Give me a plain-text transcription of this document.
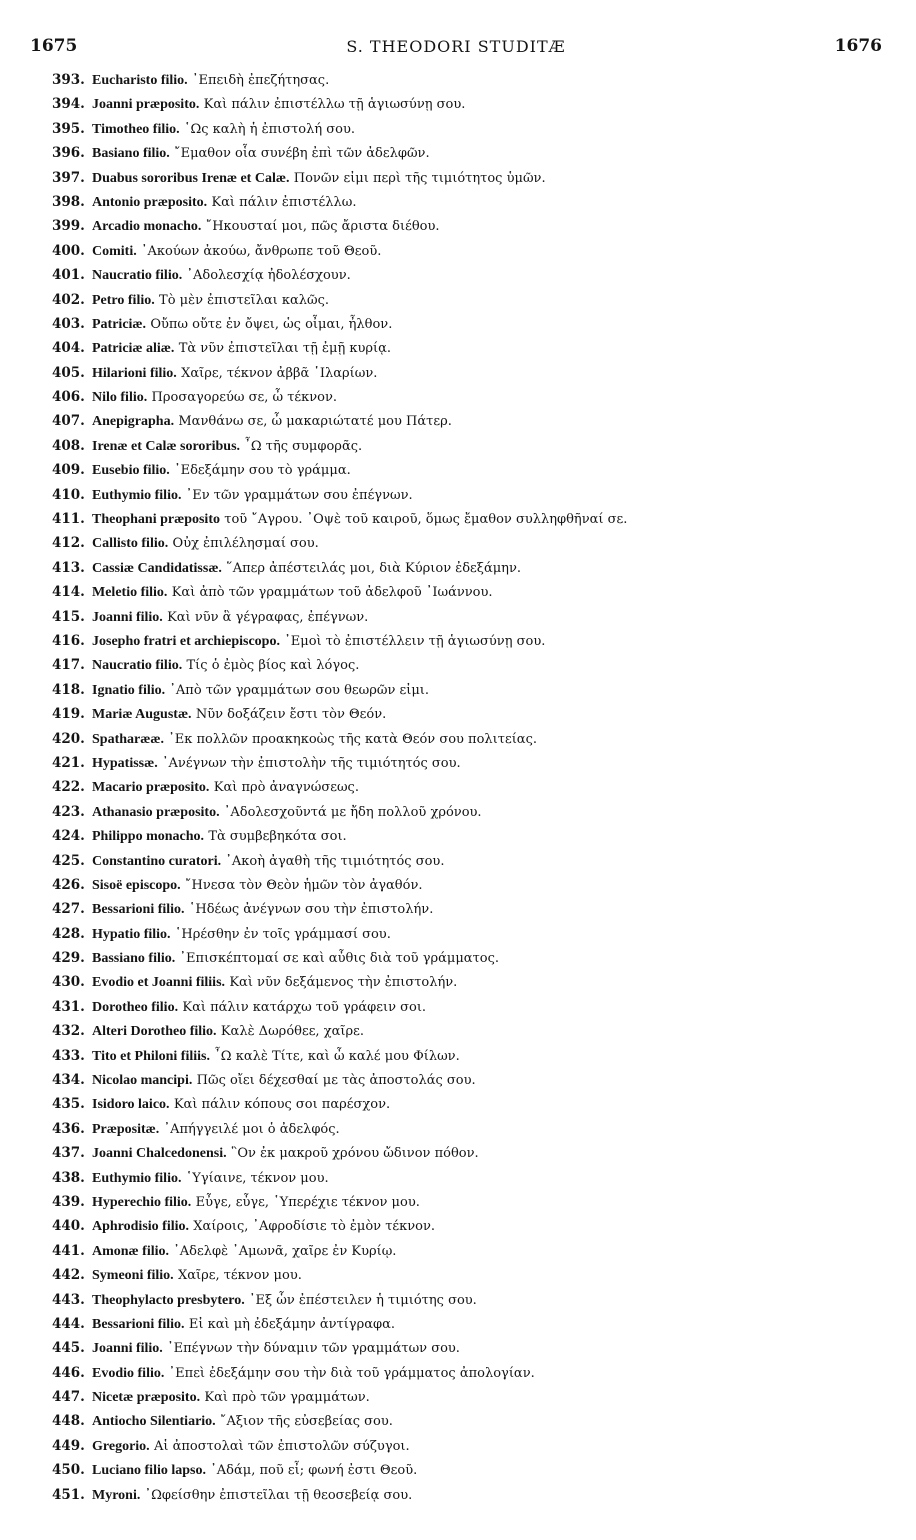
1675	S. THEODORI STUDITÆ	1676
393. Eucharisto filio. ᾿Επειδὴ ἐπεζήτησας.
394. Joanni præposito. Καὶ πάλιν ἐπιστέλλω τῇ ἁγιωσύνῃ σου.
395. Timotheo filio. ῾Ως καλὴ ἡ ἐπιστολή σου.
396. Basiano filio. ῎Εμαθον οἷα συνέβη ἐπὶ τῶν ἀδελφῶν.
397. Duabus sororibus Irenæ et Calæ. Πονῶν εἰμι περὶ τῆς τιμιότητος ὑμῶν.
398. Antonio præposito. Καὶ πάλιν ἐπιστέλλω.
399. Arcadio monacho. ῎Ηκουσταί μοι, πῶς ἄριστα διέθου.
400. Comiti. ᾿Ακούων ἀκούω, ἄνθρωπε τοῦ Θεοῦ.
401. Naucratio filio. ᾿Αδολεσχίᾳ ἠδολέσχουν.
402. Petro filio. Τὸ μὲν ἐπιστεῖλαι καλῶς.
403. Patriciæ. Οὔπω οὔτε ἐν ὄψει, ὡς οἶμαι, ἦλθον.
404. Patriciæ aliæ. Τὰ νῦν ἐπιστεῖλαι τῇ ἐμῇ κυρίᾳ.
405. Hilarioni filio. Χαῖρε, τέκνον ἀββᾶ ῾Ιλαρίων.
406. Nilo filio. Προσαγορεύω σε, ὦ τέκνον.
407. Anepigrapha. Μανθάνω σε, ὦ μακαριώτατέ μου Πάτερ.
408. Irenæ et Calæ sororibus. ῏Ω τῆς συμφορᾶς.
409. Eusebio filio. ᾿Εδεξάμην σου τὸ γράμμα.
410. Euthymio filio. ᾿Εν τῶν γραμμάτων σου ἐπέγνων.
411. Theophani præposito τοῦ ῎Αγρου. ᾿Οψὲ τοῦ καιροῦ, ὅμως ἔμαθον συλληφθῆναί σε.
412. Callisto filio. Οὐχ ἐπιλέλησμαί σου.
413. Cassiæ Candidatissæ. ῞Απερ ἀπέστειλάς μοι, διὰ Κύριον ἐδεξάμην.
414. Meletio filio. Καὶ ἀπὸ τῶν γραμμάτων τοῦ ἀδελφοῦ ᾿Ιωάννου.
415. Joanni filio. Καὶ νῦν ἃ γέγραφας, ἐπέγνων.
416. Josepho fratri et archiepiscopo. ᾿Εμοὶ τὸ ἐπιστέλλειν τῇ ἁγιωσύνῃ σου.
417. Naucratio filio. Τίς ὁ ἐμὸς βίος καὶ λόγος.
418. Ignatio filio. ᾿Απὸ τῶν γραμμάτων σου θεωρῶν εἰμι.
419. Mariæ Augustæ. Νῦν δοξάζειν ἔστι τὸν Θεόν.
420. Spatharææ. ᾿Εκ πολλῶν προακηκοὼς τῆς κατὰ Θεόν σου πολιτείας.
421. Hypatissæ. ᾿Ανέγνων τὴν ἐπιστολὴν τῆς τιμιότητός σου.
422. Macario præposito. Καὶ πρὸ ἀναγνώσεως.
423. Athanasio præposito. ᾿Αδολεσχοῦντά με ἤδη πολλοῦ χρόνου.
424. Philippo monacho. Τὰ συμβεβηκότα σοι.
425. Constantino curatori. ᾿Ακοὴ ἀγαθὴ τῆς τιμιότητός σου.
426. Sisoë episcopo. ῎Ηνεσα τὸν Θεὸν ἡμῶν τὸν ἀγαθόν.
427. Bessarioni filio. ῾Ηδέως ἀνέγνων σου τὴν ἐπιστολήν.
428. Hypatio filio. ῾Ηρέσθην ἐν τοῖς γράμμασί σου.
429. Bassiano filio. ᾿Επισκέπτομαί σε καὶ αὖθις διὰ τοῦ γράμματος.
430. Evodio et Joanni filiis. Καὶ νῦν δεξάμενος τὴν ἐπιστολήν.
431. Dorotheo filio. Καὶ πάλιν κατάρχω τοῦ γράφειν σοι.
432. Alteri Dorotheo filio. Καλὲ Δωρόθεε, χαῖρε.
433. Tito et Philoni filiis. ῏Ω καλὲ Τίτε, καὶ ὦ καλέ μου Φίλων.
434. Nicolao mancipi. Πῶς οἴει δέχεσθαί με τὰς ἀποστολάς σου.
435. Isidoro laico. Καὶ πάλιν κόπους σοι παρέσχον.
436. Præpositæ. ᾿Απήγγειλέ μοι ὁ ἀδελφός.
437. Joanni Chalcedonensi. ῝Ον ἐκ μακροῦ χρόνου ὤδινον πόθον.
438. Euthymio filio. ῾Υγίαινε, τέκνον μου.
439. Hyperechio filio. Εὖγε, εὖγε, ῾Υπερέχιε τέκνον μου.
440. Aphrodisio filio. Χαίροις, ᾿Αφροδίσιε τὸ ἐμὸν τέκνον.
441. Amonæ filio. ᾿Αδελφὲ ᾿Αμωνᾶ, χαῖρε ἐν Κυρίῳ.
442. Symeoni filio. Χαῖρε, τέκνον μου.
443. Theophylacto presbytero. ᾿Εξ ὧν ἐπέστειλεν ἡ τιμιότης σου.
444. Bessarioni filio. Εἰ καὶ μὴ ἐδεξάμην ἀντίγραφα.
445. Joanni filio. ᾿Επέγνων τὴν δύναμιν τῶν γραμμάτων σου.
446. Evodio filio. ᾿Επεὶ ἐδεξάμην σου τὴν διὰ τοῦ γράμματος ἀπολογίαν.
447. Nicetæ præposito. Καὶ πρὸ τῶν γραμμάτων.
448. Antiocho Silentiario. ῎Αξιον τῆς εὐσεβείας σου.
449. Gregorio. Αἱ ἀποστολαὶ τῶν ἐπιστολῶν σύζυγοι.
450. Luciano filio lapso. ᾿Αδάμ, ποῦ εἶ; φωνή ἐστι Θεοῦ.
451. Myroni. ᾿Ωφείσθην ἐπιστεῖλαι τῇ θεοσεβείᾳ σου.
